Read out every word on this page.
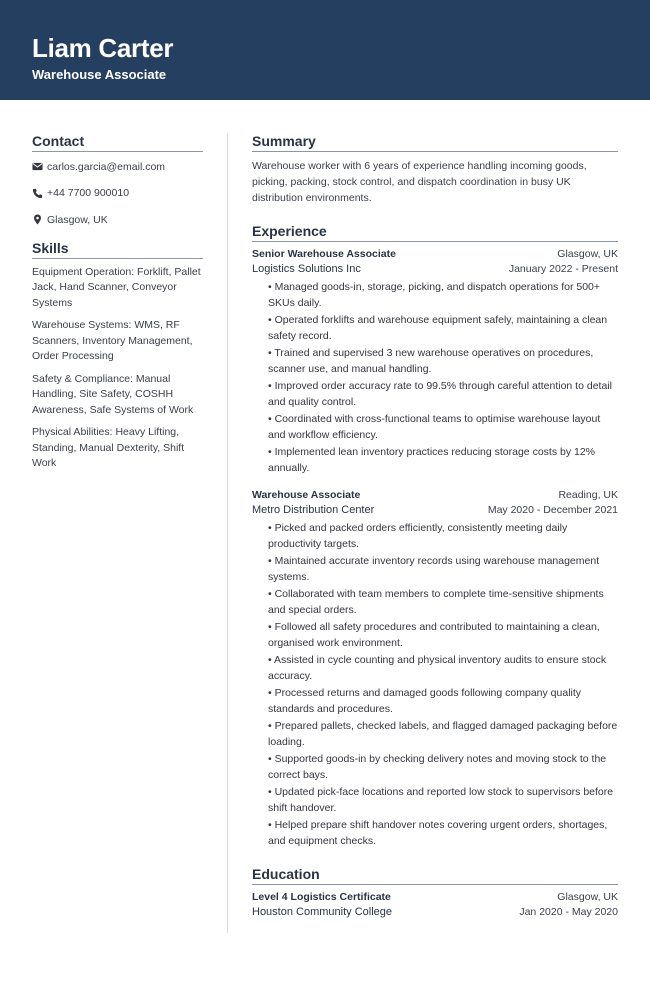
Liam Carter
Warehouse Associate
Contact
carlos.garcia@email.com
+44 7700 900010
Glasgow, UK
Skills
Equipment Operation: Forklift, Pallet Jack, Hand Scanner, Conveyor Systems
Warehouse Systems: WMS, RF Scanners, Inventory Management, Order Processing
Safety & Compliance: Manual Handling, Site Safety, COSHH Awareness, Safe Systems of Work
Physical Abilities: Heavy Lifting, Standing, Manual Dexterity, Shift Work
Summary
Warehouse worker with 6 years of experience handling incoming goods, picking, packing, stock control, and dispatch coordination in busy UK distribution environments.
Experience
Senior Warehouse Associate	Glasgow, UK
Logistics Solutions Inc	January 2022 - Present
• Managed goods-in, storage, picking, and dispatch operations for 500+ SKUs daily.
• Operated forklifts and warehouse equipment safely, maintaining a clean safety record.
• Trained and supervised 3 new warehouse operatives on procedures, scanner use, and manual handling.
• Improved order accuracy rate to 99.5% through careful attention to detail and quality control.
• Coordinated with cross-functional teams to optimise warehouse layout and workflow efficiency.
• Implemented lean inventory practices reducing storage costs by 12% annually.
Warehouse Associate	Reading, UK
Metro Distribution Center	May 2020 - December 2021
• Picked and packed orders efficiently, consistently meeting daily productivity targets.
• Maintained accurate inventory records using warehouse management systems.
• Collaborated with team members to complete time-sensitive shipments and special orders.
• Followed all safety procedures and contributed to maintaining a clean, organised work environment.
• Assisted in cycle counting and physical inventory audits to ensure stock accuracy.
• Processed returns and damaged goods following company quality standards and procedures.
• Prepared pallets, checked labels, and flagged damaged packaging before loading.
• Supported goods-in by checking delivery notes and moving stock to the correct bays.
• Updated pick-face locations and reported low stock to supervisors before shift handover.
• Helped prepare shift handover notes covering urgent orders, shortages, and equipment checks.
Education
Level 4 Logistics Certificate	Glasgow, UK
Houston Community College	Jan 2020 - May 2020
